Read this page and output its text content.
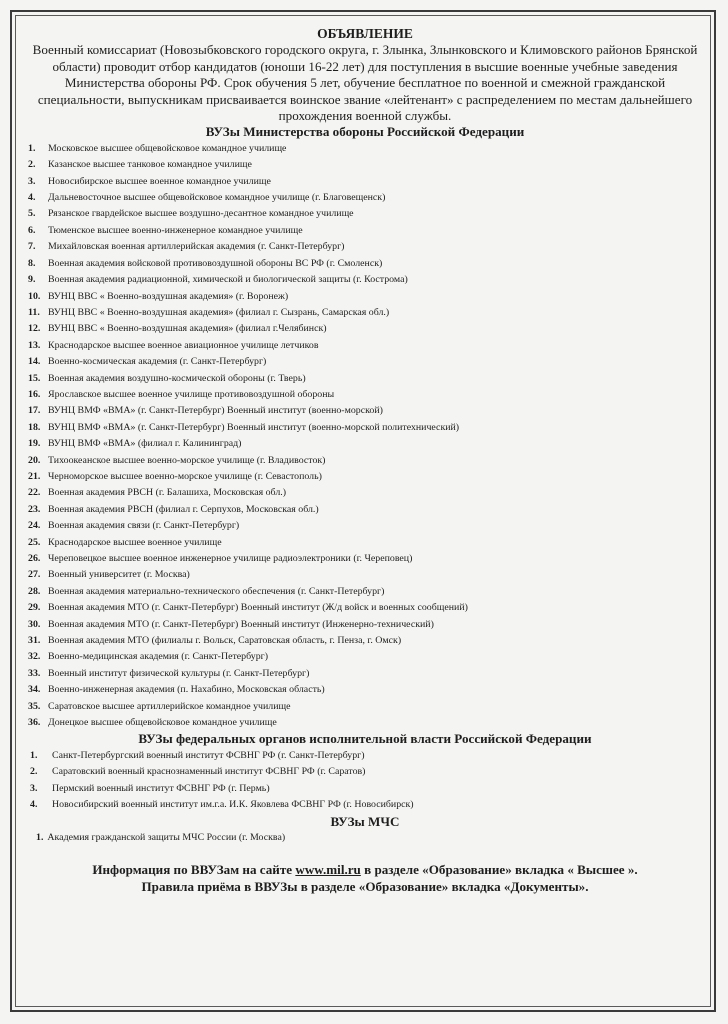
ОБЪЯВЛЕНИЕ
Военный комиссариат (Новозыбковского городского округа, г. Злынка, Злынковского и Климовского районов Брянской области) проводит отбор кандидатов (юноши 16-22 лет) для поступления в высшие военные учебные заведения Министерства обороны РФ. Срок обучения 5 лет, обучение бесплатное по военной и смежной гражданской специальности, выпускникам присваивается воинское звание «лейтенант» с распределением по местам дальнейшего прохождения военной службы.
ВУЗы Министерства обороны Российской Федерации
1. Московское высшее общевойсковое командное училище
2. Казанское высшее танковое командное училище
3. Новосибирское высшее военное командное училище
4. Дальневосточное высшее общевойсковое командное училище (г. Благовещенск)
5. Рязанское гвардейское высшее воздушно-десантное командное училище
6. Тюменское высшее военно-инженерное командное училище
7. Михайловская военная артиллерийская академия (г. Санкт-Петербург)
8. Военная академия войсковой противовоздушной обороны ВС РФ (г. Смоленск)
9. Военная академия радиационной, химической и биологической защиты (г. Кострома)
10. ВУНЦ ВВС « Военно-воздушная академия» (г. Воронеж)
11. ВУНЦ ВВС « Военно-воздушная академия» (филиал г. Сызрань, Самарская обл.)
12. ВУНЦ ВВС « Военно-воздушная академия» (филиал г.Челябинск)
13. Краснодарское высшее военное авиационное училище летчиков
14. Военно-космическая академия (г. Санкт-Петербург)
15. Военная академия воздушно-космической обороны (г. Тверь)
16. Ярославское высшее военное училище противовоздушной обороны
17. ВУНЦ ВМФ «ВМА» (г. Санкт-Петербург) Военный институт (военно-морской)
18. ВУНЦ ВМФ «ВМА» (г. Санкт-Петербург) Военный институт (военно-морской политехнический)
19. ВУНЦ ВМФ «ВМА» (филиал г. Калининград)
20. Тихоокеанское высшее военно-морское училище (г. Владивосток)
21. Черноморское высшее военно-морское училище (г. Севастополь)
22. Военная академия РВСН (г. Балашиха, Московская обл.)
23. Военная академия РВСН (филиал г. Серпухов, Московская обл.)
24. Военная академия связи (г. Санкт-Петербург)
25. Краснодарское высшее военное училище
26. Череповецкое высшее военное инженерное училище радиоэлектроники (г. Череповец)
27. Военный университет (г. Москва)
28. Военная академия материально-технического обеспечения (г. Санкт-Петербург)
29. Военная академия МТО (г. Санкт-Петербург) Военный институт (Ж/д войск и военных сообщений)
30. Военная академия МТО (г. Санкт-Петербург) Военный институт (Инженерно-технический)
31. Военная академия МТО (филиалы г. Вольск, Саратовская область, г. Пенза, г. Омск)
32. Военно-медицинская академия (г. Санкт-Петербург)
33. Военный институт физической культуры (г. Санкт-Петербург)
34. Военно-инженерная академия (п. Нахабино, Московская область)
35. Саратовское высшее артиллерийское командное училище
36. Донецкое высшее общевойсковое командное училище
ВУЗы федеральных органов исполнительной власти Российской Федерации
1. Санкт-Петербургский военный институт ФСВНГ РФ (г. Санкт-Петербург)
2. Саратовский военный краснознаменный институт ФСВНГ РФ (г. Саратов)
3. Пермский военный институт ФСВНГ РФ (г. Пермь)
4. Новосибирский военный институт им.г.а. И.К. Яковлева ФСВНГ РФ (г. Новосибирск)
ВУЗы МЧС
1. Академия гражданской защиты МЧС России (г. Москва)
Информация по ВВУЗам на сайте www.mil.ru в разделе «Образование» вкладка « Высшее ».
Правила приёма в ВВУЗы в разделе «Образование» вкладка «Документы».
